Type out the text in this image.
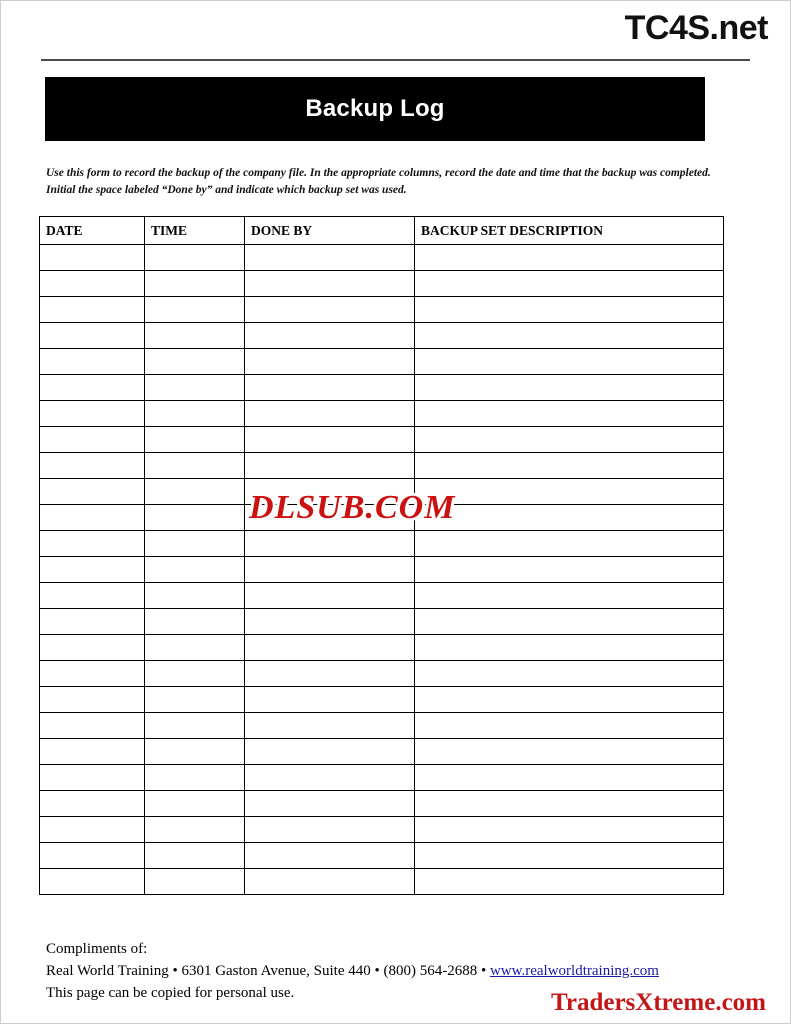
TC4S.net
Backup Log
Use this form to record the backup of the company file. In the appropriate columns, record the date and time that the backup was completed. Initial the space labeled “Done by” and indicate which backup set was used.
DATE	TIME	DONE BY	BACKUP SET DESCRIPTION

DLSUB.COM
Compliments of:
Real World Training • 6301 Gaston Avenue, Suite 440 • (800) 564-2688 • www.realworldtraining.com
This page can be copied for personal use.	TradersXtreme.com
